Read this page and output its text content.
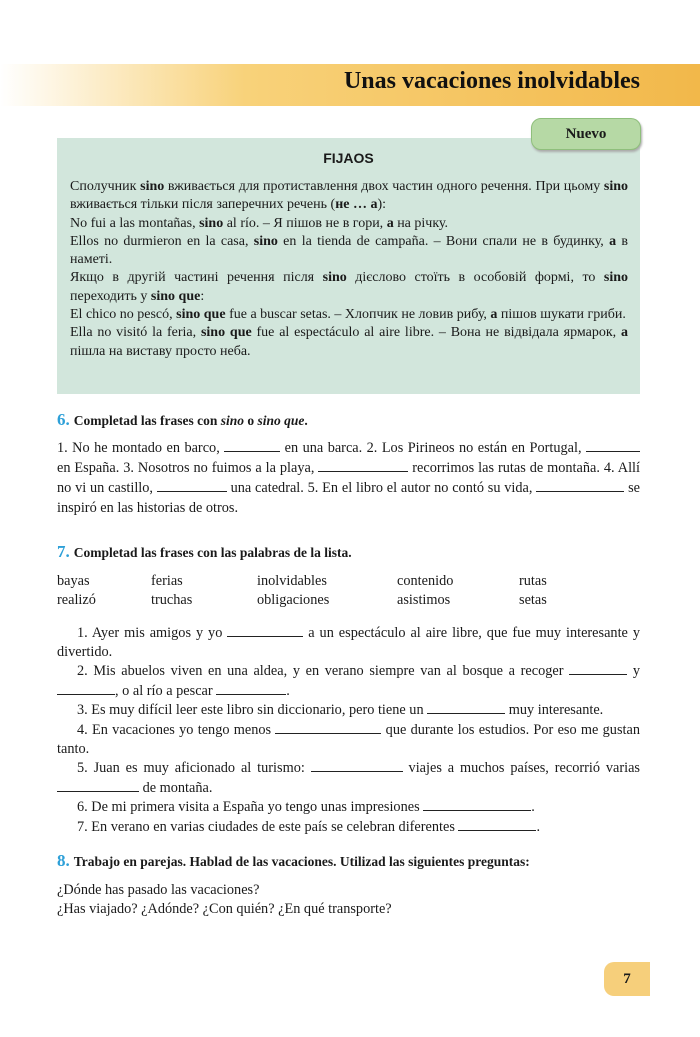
Unas vacaciones inolvidables
FIJAOS

Сполучник sino вживається для протиставлення двох частин одного речення. При цьому sino вживається тільки після заперечних речень (не … а):

No fui a las montañas, sino al río. – Я пішов не в гори, а на річку.

Ellos no durmieron en la casa, sino en la tienda de campaña. – Вони спали не в будинку, а в наметі.

Якщо в другій частині речення після sino дієслово стоїть в особовій формі, то sino переходить у sino que:

El chico no pescó, sino que fue a buscar setas. – Хлопчик не ловив рибу, а пішов шукати гриби.

Ella no visitó la feria, sino que fue al espectáculo al aire libre. – Вона не відвідала ярмарок, а пішла на виставу просто неба.

Nuevo
6. Completad las frases con sino o sino que.

1. No he montado en barco,	en una barca. 2. Los Pirineos no están en Portugal,  en España. 3. Nosotros no fuimos a la playa,	recorrimos las rutas de montaña. 4. Allí no vi un castillo,	una catedral. 5. En el libro el autor no contó su vida,	se inspiró en las historias de otros.

7. Completad las frases con las palabras de la lista.
bayas	ferias	inolvidables	contenido	rutas
realizó	truchas	obligaciones	asistimos	setas

1. Ayer mis amigos y yo	a un espectáculo al aire libre, que fue muy interesante y divertido.

2. Mis abuelos viven en una aldea, y en verano siempre van al bosque a recoger	y , o al río a pescar	.

3. Es muy difícil leer este libro sin diccionario, pero tiene un	muy interesante.

4. En vacaciones yo tengo menos	que durante los estudios. Por eso me gustan tanto.

5. Juan es muy aficionado al turismo:	viajes a muchos países, recorrió varias  de montaña.

6. De mi primera visita a España yo tengo unas impresiones	.

7. En verano en varias ciudades de este país se celebran diferentes	.

8. Trabajo en parejas. Hablad de las vacaciones. Utilizad las siguientes preguntas:

¿Dónde has pasado las vacaciones?

¿Has viajado? ¿Adónde? ¿Con quién? ¿En qué transporte?

7
